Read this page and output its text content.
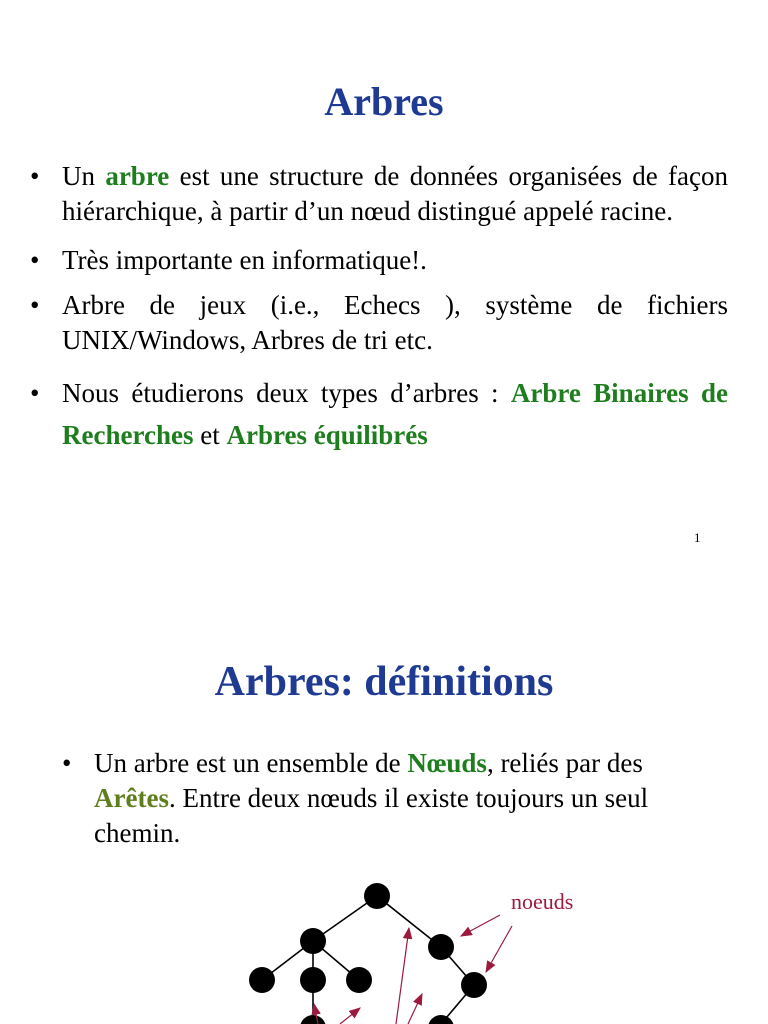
Arbres
• Un arbre est une structure de données organisées de façon hiérarchique, à partir d’un nœud distingué appelé racine.
• Très importante en informatique!.
• Arbre de jeux (i.e., Echecs ), système de fichiers UNIX/Windows, Arbres de tri etc.
• Nous étudierons deux types d’arbres : Arbre Binaires de Recherches et Arbres équilibrés
1
Arbres: définitions
• Un arbre est un ensemble de Nœuds, reliés par des Arêtes. Entre deux nœuds il existe toujours un seul chemin.
noeuds
